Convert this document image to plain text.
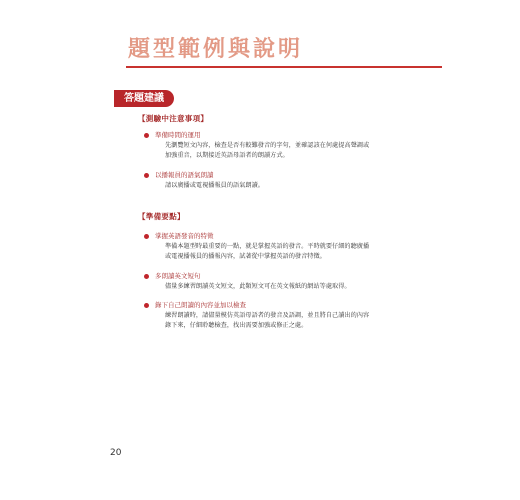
題型範例與說明
答題建議
【測驗中注意事項】
準備時間的運用
先瀏覽短文內容，檢查是否有較難發音的字句，並確認該在何處提高聲調或
加強重音，以期接近英語母語者的朗讀方式。
以播報員的語氣朗讀
請以廣播或電視播報員的語氣朗讀。
【準備要點】
掌握英語發音的特徵
準備本題型時最重要的一點，就是掌握英語的發音。平時就要仔細的聽廣播
或電視播報員的播報內容，試著從中掌握英語的發音特徵。
多朗讀英文短句
儘量多練習朗讀英文短文，此類短文可在英文報紙的網站等處取得。
錄下自己朗讀的內容並加以檢查
練習朗讀時，請儘量模仿英語母語者的發音及語調，並且將自己讀出的內容
錄下來，仔細聆聽檢查，找出需要加強或修正之處。
20
